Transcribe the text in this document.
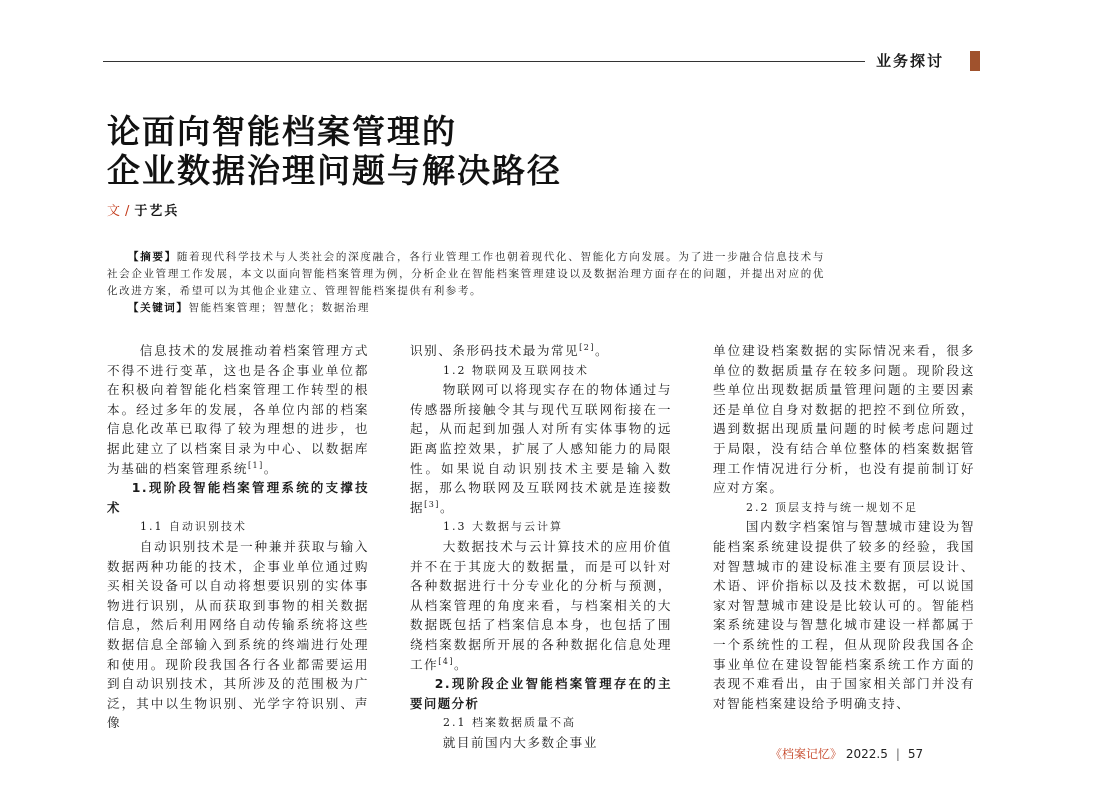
业务探讨
论面向智能档案管理的
企业数据治理问题与解决路径
文 / 于艺兵

【摘要】随着现代科学技术与人类社会的深度融合，各行业管理工作也朝着现代化、智能化方向发展。为了进一步融合信息技术与社会企业管理工作发展，本文以面向智能档案管理为例，分析企业在智能档案管理建设以及数据治理方面存在的问题，并提出对应的优化改进方案，希望可以为其他企业建立、管理智能档案提供有利参考。

【关键词】智能档案管理；智慧化；数据治理

信息技术的发展推动着档案管理方式不得不进行变革，这也是各企事业单位都在积极向着智能化档案管理工作转型的根本。经过多年的发展，各单位内部的档案信息化改革已取得了较为理想的进步，也据此建立了以档案目录为中心、以数据库为基础的档案管理系统[1]。

1.现阶段智能档案管理系统的支撑技术

1.1 自动识别技术

自动识别技术是一种兼并获取与输入数据两种功能的技术，企事业单位通过购买相关设备可以自动将想要识别的实体事物进行识别，从而获取到事物的相关数据信息，然后利用网络自动传输系统将这些数据信息全部输入到系统的终端进行处理和使用。现阶段我国各行各业都需要运用到自动识别技术，其所涉及的范围极为广泛，其中以生物识别、光学字符识别、声像

识别、条形码技术最为常见[2]。

1.2 物联网及互联网技术

物联网可以将现实存在的物体通过与传感器所接触令其与现代互联网衔接在一起，从而起到加强人对所有实体事物的远距离监控效果，扩展了人感知能力的局限性。如果说自动识别技术主要是输入数据，那么物联网及互联网技术就是连接数据[3]。

1.3 大数据与云计算

大数据技术与云计算技术的应用价值并不在于其庞大的数据量，而是可以针对各种数据进行十分专业化的分析与预测，从档案管理的角度来看，与档案相关的大数据既包括了档案信息本身，也包括了围绕档案数据所开展的各种数据化信息处理工作[4]。

2.现阶段企业智能档案管理存在的主要问题分析

2.1 档案数据质量不高

就目前国内大多数企事业

单位建设档案数据的实际情况来看，很多单位的数据质量存在较多问题。现阶段这些单位出现数据质量管理问题的主要因素还是单位自身对数据的把控不到位所致，遇到数据出现质量问题的时候考虑问题过于局限，没有结合单位整体的档案数据管理工作情况进行分析，也没有提前制订好应对方案。

2.2 顶层支持与统一规划不足

国内数字档案馆与智慧城市建设为智能档案系统建设提供了较多的经验，我国对智慧城市的建设标准主要有顶层设计、术语、评价指标以及技术数据，可以说国家对智慧城市建设是比较认可的。智能档案系统建设与智慧化城市建设一样都属于一个系统性的工程，但从现阶段我国各企事业单位在建设智能档案系统工作方面的表现不难看出，由于国家相关部门并没有对智能档案建设给予明确支持、

《档案记忆》 2022.5 | 57
